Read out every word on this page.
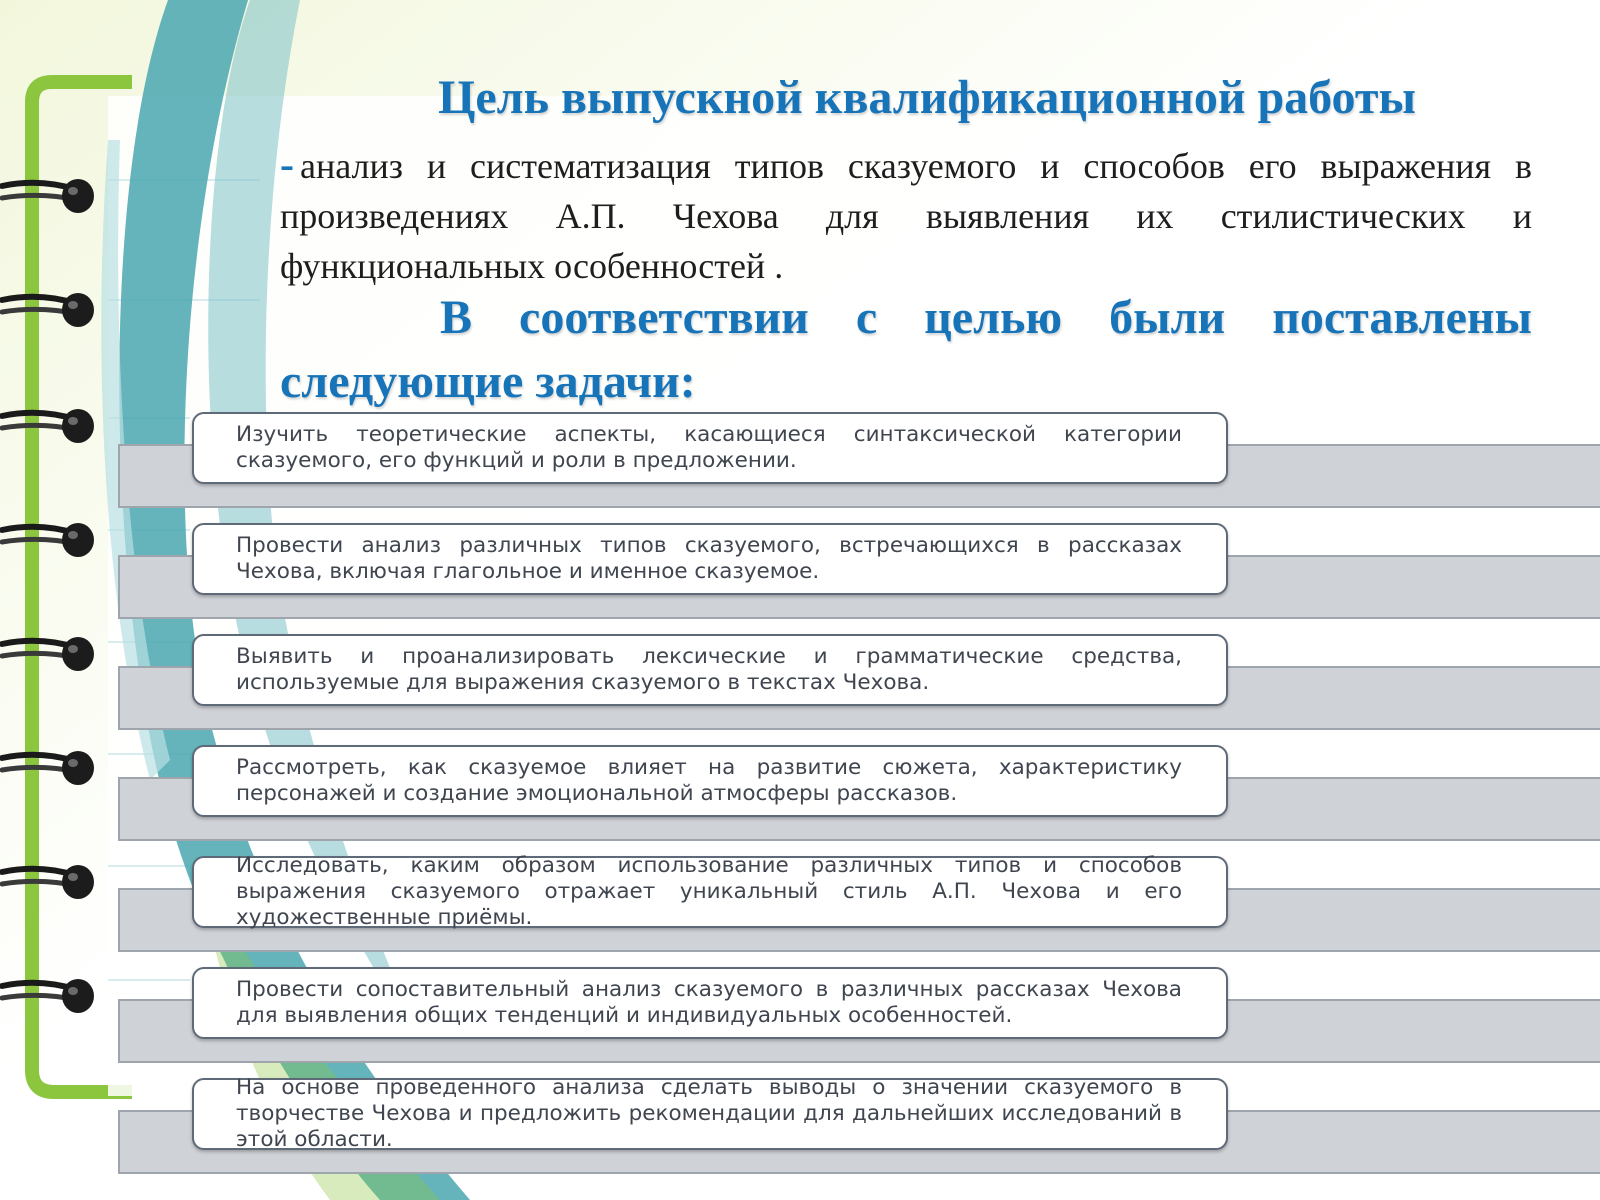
Цель выпускной квалификационной работы

- анализ и систематизация типов сказуемого и способов его выражения в произведениях А.П. Чехова для выявления их стилистических и функциональных особенностей .

В соответствии с целью были поставлены следующие задачи:
Изучить теоретические аспекты, касающиеся синтаксической категории сказуемого, его функций и роли в предложении.
Провести анализ различных типов сказуемого, встречающихся в рассказах Чехова, включая глагольное и именное сказуемое.
Выявить и проанализировать лексические и грамматические средства, используемые для выражения сказуемого в текстах Чехова.
Рассмотреть, как сказуемое влияет на развитие сюжета, характеристику персонажей и создание эмоциональной атмосферы рассказов.
Исследовать, каким образом использование различных типов и способов выражения сказуемого отражает уникальный стиль А.П. Чехова и его художественные приёмы.
Провести сопоставительный анализ сказуемого в различных рассказах Чехова для выявления общих тенденций и индивидуальных особенностей.
На основе проведенного анализа сделать выводы о значении сказуемого в творчестве Чехова и предложить рекомендации для дальнейших исследований в этой области.
